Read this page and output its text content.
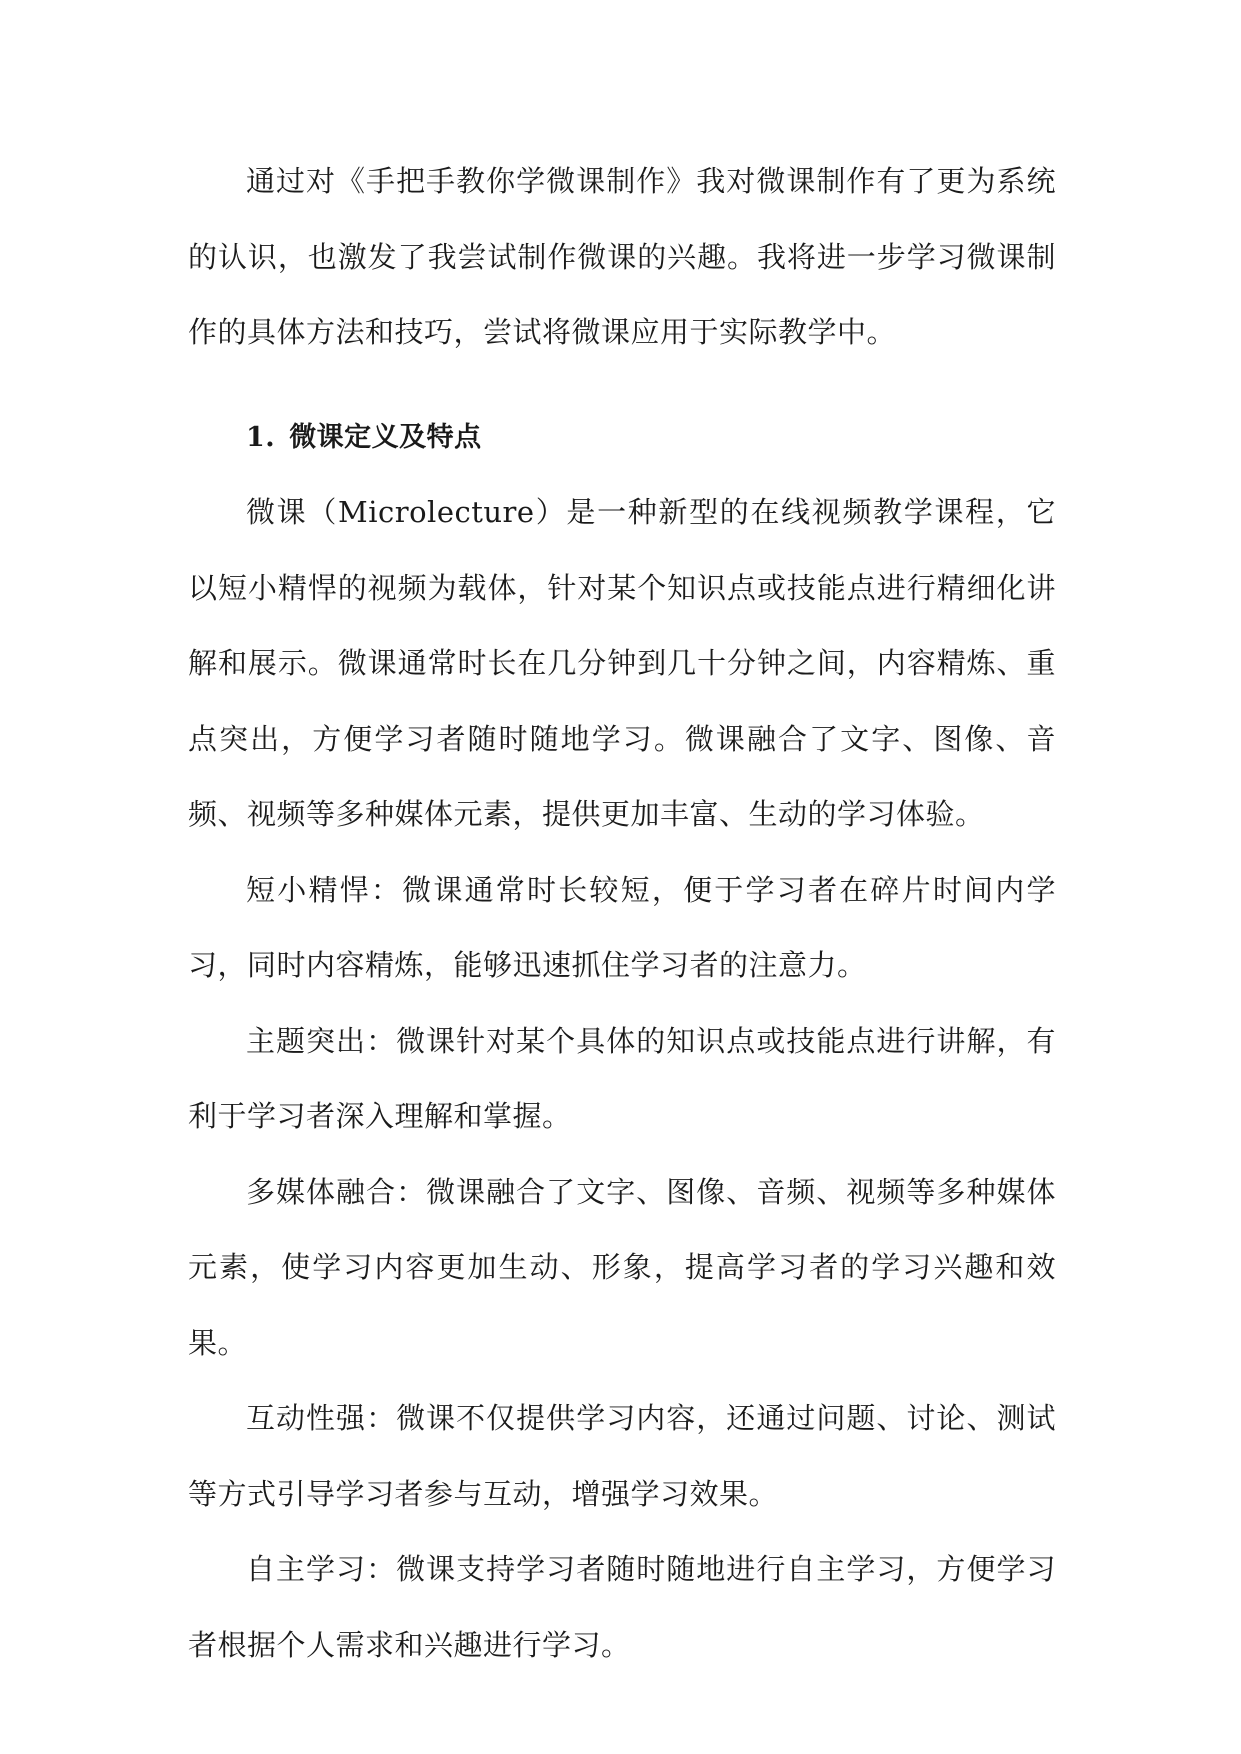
通过对《手把手教你学微课制作》我对微课制作有了更为系统的认识，也激发了我尝试制作微课的兴趣。我将进一步学习微课制作的具体方法和技巧，尝试将微课应用于实际教学中。

1. 微课定义及特点

微课（Microlecture）是一种新型的在线视频教学课程，它以短小精悍的视频为载体，针对某个知识点或技能点进行精细化讲解和展示。微课通常时长在几分钟到几十分钟之间，内容精炼、重点突出，方便学习者随时随地学习。微课融合了文字、图像、音频、视频等多种媒体元素，提供更加丰富、生动的学习体验。

短小精悍：微课通常时长较短，便于学习者在碎片时间内学习，同时内容精炼，能够迅速抓住学习者的注意力。

主题突出：微课针对某个具体的知识点或技能点进行讲解，有利于学习者深入理解和掌握。

多媒体融合：微课融合了文字、图像、音频、视频等多种媒体元素，使学习内容更加生动、形象，提高学习者的学习兴趣和效果。

互动性强：微课不仅提供学习内容，还通过问题、讨论、测试等方式引导学习者参与互动，增强学习效果。

自主学习：微课支持学习者随时随地进行自主学习，方便学习者根据个人需求和兴趣进行学习。
